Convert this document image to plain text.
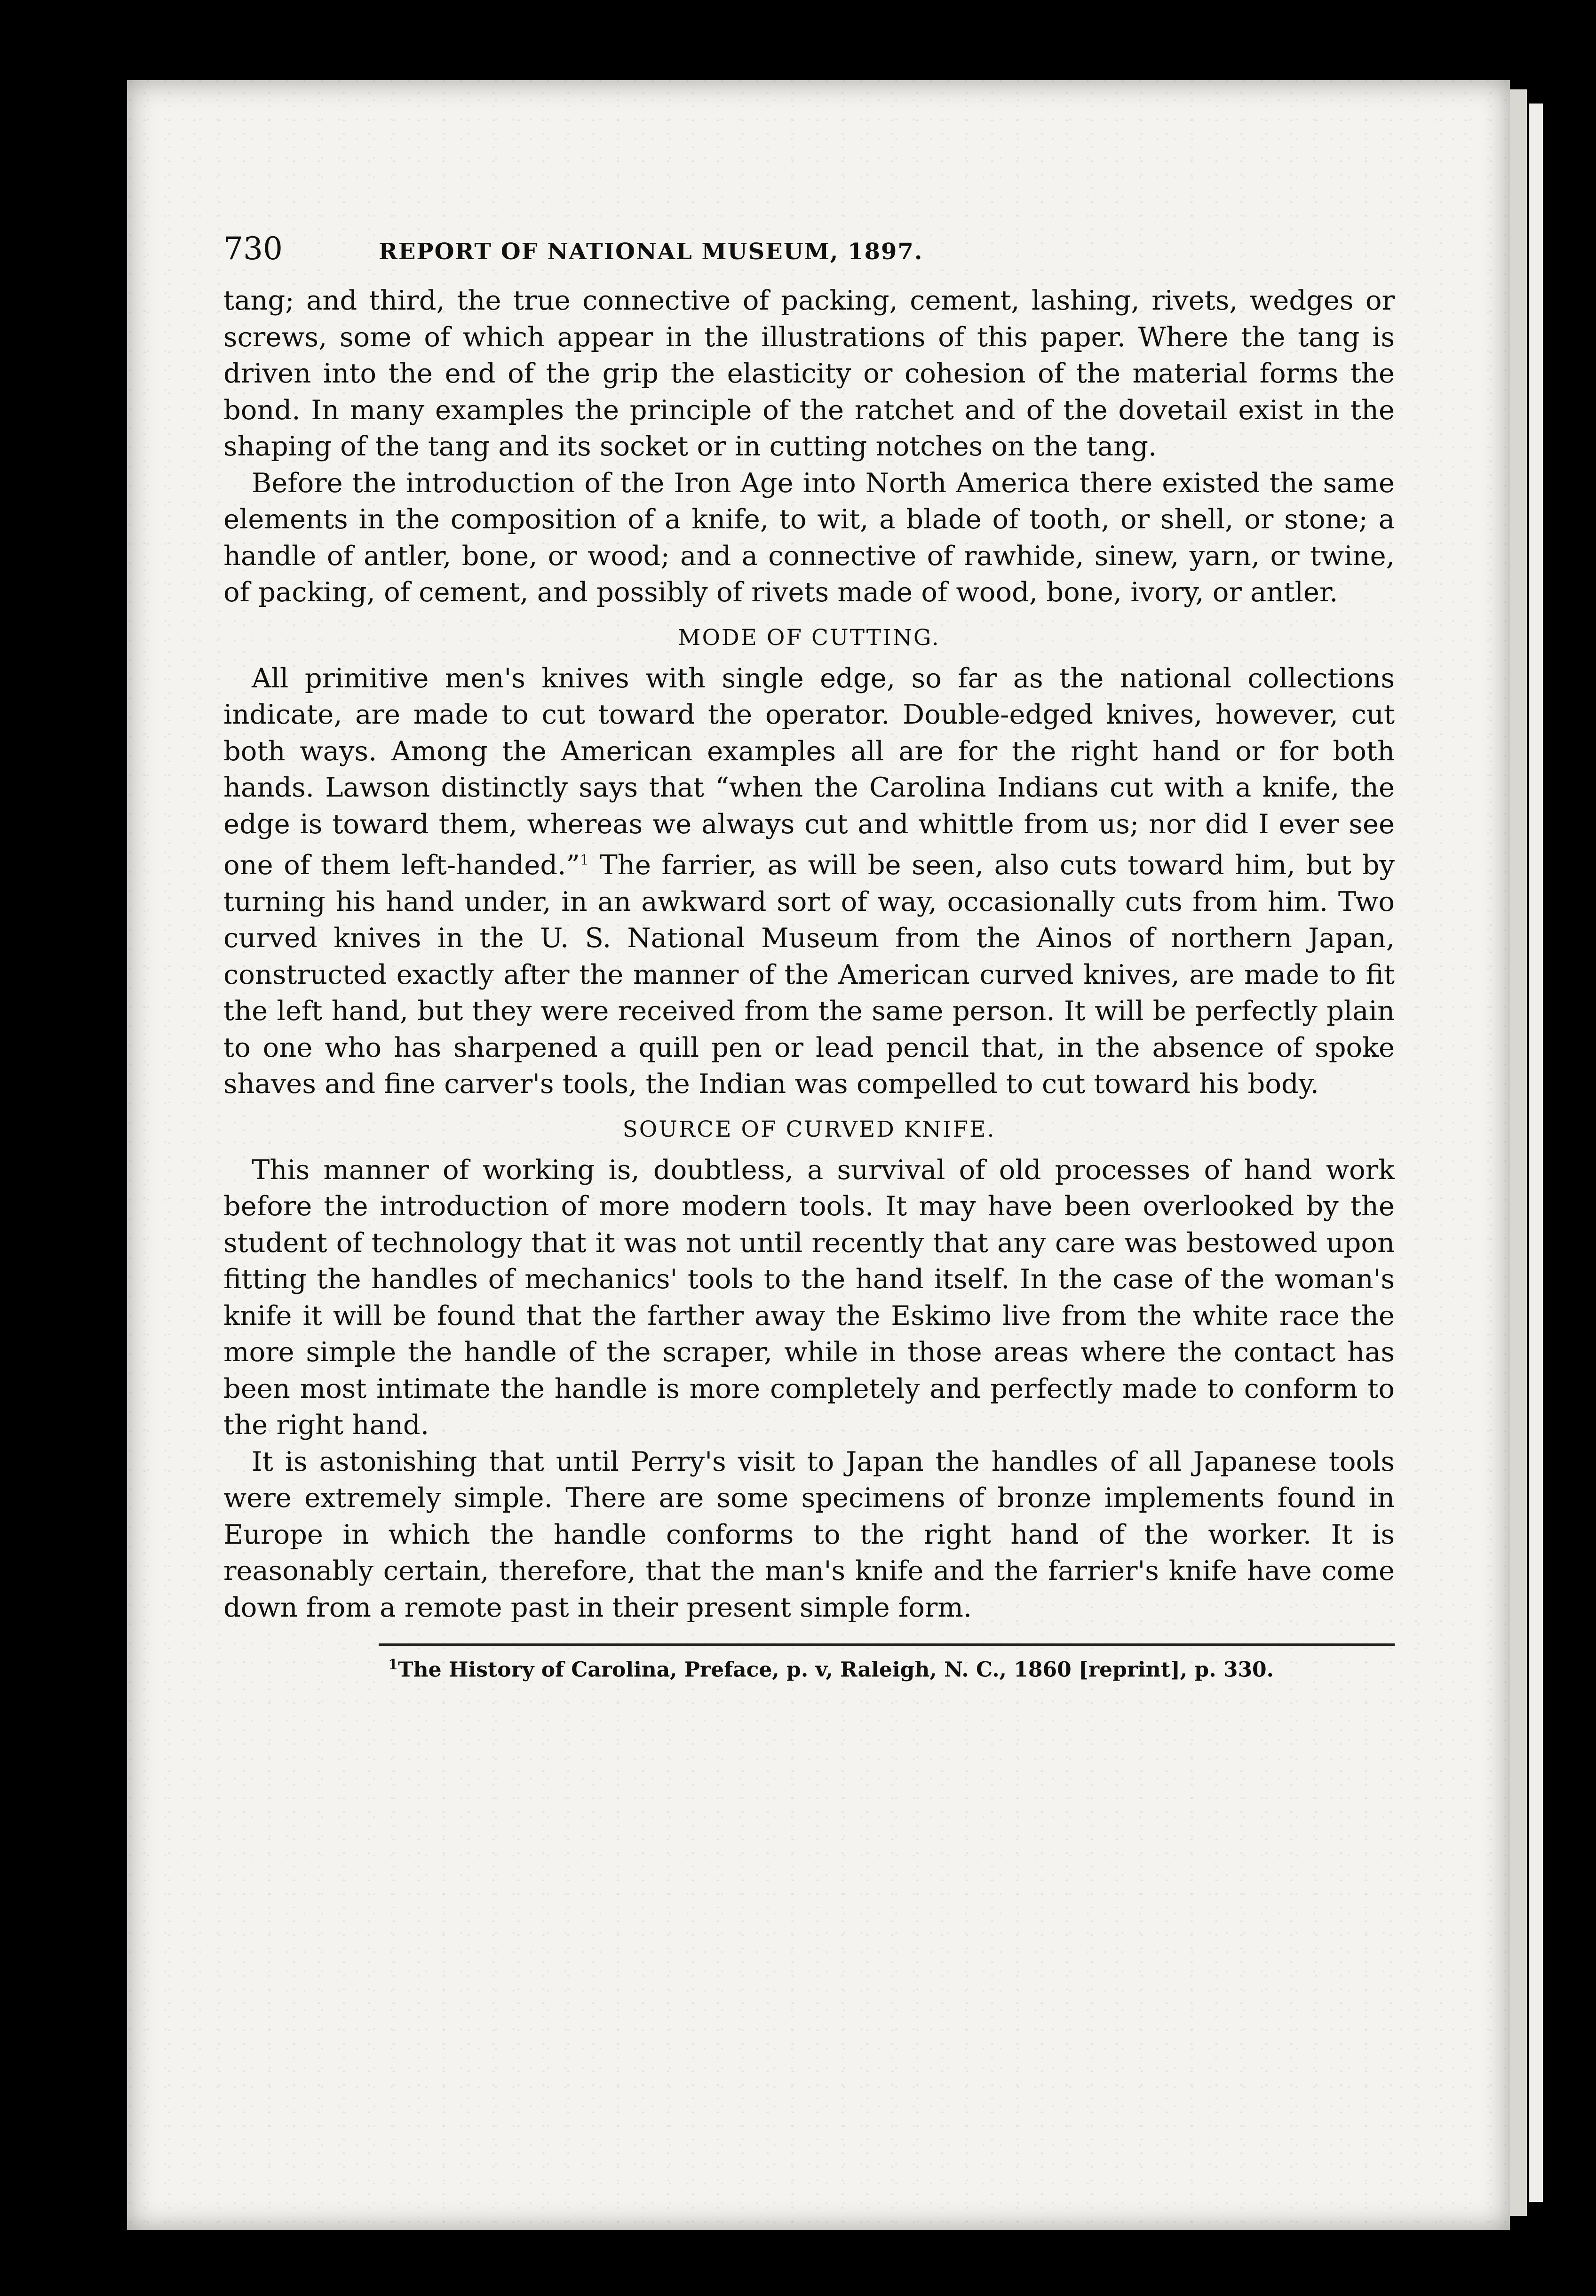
730	REPORT OF NATIONAL MUSEUM, 1897.

tang; and third, the true connective of packing, cement, lashing, rivets, wedges or screws, some of which appear in the illustrations of this paper. Where the tang is driven into the end of the grip the elasticity or cohesion of the material forms the bond. In many examples the principle of the ratchet and of the dovetail exist in the shaping of the tang and its socket or in cutting notches on the tang.

Before the introduction of the Iron Age into North America there existed the same elements in the composition of a knife, to wit, a blade of tooth, or shell, or stone; a handle of antler, bone, or wood; and a connective of rawhide, sinew, yarn, or twine, of packing, of cement, and possibly of rivets made of wood, bone, ivory, or antler.

MODE OF CUTTING.

All primitive men's knives with single edge, so far as the national collections indicate, are made to cut toward the operator. Double-edged knives, however, cut both ways. Among the American examples all are for the right hand or for both hands. Lawson distinctly says that “when the Carolina Indians cut with a knife, the edge is toward them, whereas we always cut and whittle from us; nor did I ever see one of them left-handed.”$^1$ The farrier, as will be seen, also cuts toward him, but by turning his hand under, in an awkward sort of way, occasionally cuts from him. Two curved knives in the U. S. National Museum from the Ainos of northern Japan, constructed exactly after the manner of the American curved knives, are made to fit the left hand, but they were received from the same person. It will be perfectly plain to one who has sharpened a quill pen or lead pencil that, in the absence of spoke shaves and fine carver's tools, the Indian was compelled to cut toward his body.

SOURCE OF CURVED KNIFE.

This manner of working is, doubtless, a survival of old processes of hand work before the introduction of more modern tools. It may have been overlooked by the student of technology that it was not until recently that any care was bestowed upon fitting the handles of mechanics' tools to the hand itself. In the case of the woman's knife it will be found that the farther away the Eskimo live from the white race the more simple the handle of the scraper, while in those areas where the contact has been most intimate the handle is more completely and perfectly made to conform to the right hand.

It is astonishing that until Perry's visit to Japan the handles of all Japanese tools were extremely simple. There are some specimens of bronze implements found in Europe in which the handle conforms to the right hand of the worker. It is reasonably certain, therefore, that the man's knife and the farrier's knife have come down from a remote past in their present simple form.

$^1$The History of Carolina, Preface, p. v, Raleigh, N. C., 1860 [reprint], p. 330.
